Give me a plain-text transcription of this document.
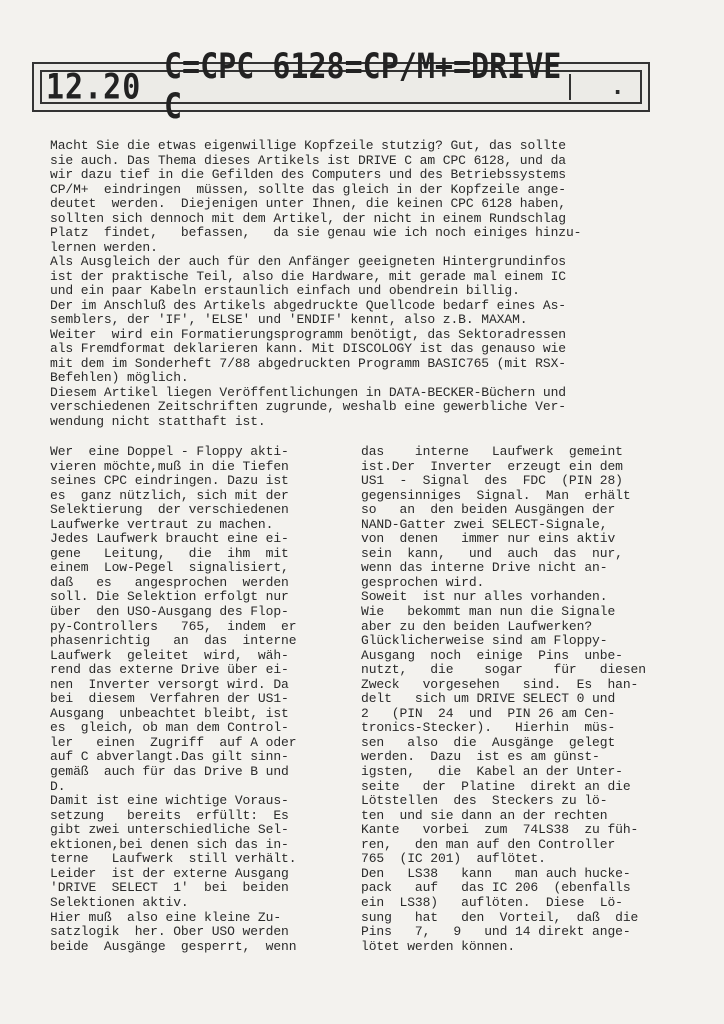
12.20 C=CPC 6128=CP/M+=DRIVE C	.
Macht Sie die etwas eigenwillige Kopfzeile stutzig? Gut, das sollte
sie auch. Das Thema dieses Artikels ist DRIVE C am CPC 6128, und da
wir dazu tief in die Gefilden des Computers und des Betriebssystems
CP/M+  eindringen  müssen, sollte das gleich in der Kopfzeile ange-
deutet  werden.  Diejenigen unter Ihnen, die keinen CPC 6128 haben,
sollten sich dennoch mit dem Artikel, der nicht in einem Rundschlag
Platz  findet,   befassen,   da sie genau wie ich noch einiges hinzu-
lernen werden.
Als Ausgleich der auch für den Anfänger geeigneten Hintergrundinfos
ist der praktische Teil, also die Hardware, mit gerade mal einem IC
und ein paar Kabeln erstaunlich einfach und obendrein billig.
Der im Anschluß des Artikels abgedruckte Quellcode bedarf eines As-
semblers, der 'IF', 'ELSE' und 'ENDIF' kennt, also z.B. MAXAM.
Weiter  wird ein Formatierungsprogramm benötigt, das Sektoradressen
als Fremdformat deklarieren kann. Mit DISCOLOGY ist das genauso wie
mit dem im Sonderheft 7/88 abgedruckten Programm BASIC765 (mit RSX-
Befehlen) möglich.
Diesem Artikel liegen Veröffentlichungen in DATA-BECKER-Büchern und
verschiedenen Zeitschriften zugrunde, weshalb eine gewerbliche Ver-
wendung nicht statthaft ist.
Wer  eine Doppel - Floppy akti-
vieren möchte,muß in die Tiefen
seines CPC eindringen. Dazu ist
es  ganz nützlich, sich mit der
Selektierung  der verschiedenen
Laufwerke vertraut zu machen.
Jedes Laufwerk braucht eine ei-
gene   Leitung,   die  ihm  mit
einem  Low-Pegel  signalisiert,
daß   es   angesprochen  werden
soll. Die Selektion erfolgt nur
über  den USO-Ausgang des Flop-
py-Controllers   765,  indem  er
phasenrichtig   an  das  interne
Laufwerk  geleitet  wird,  wäh-
rend das externe Drive über ei-
nen  Inverter versorgt wird. Da
bei  diesem  Verfahren der US1-
Ausgang  unbeachtet bleibt, ist
es  gleich, ob man dem Control-
ler   einen  Zugriff  auf A oder
auf C abverlangt.Das gilt sinn-
gemäß  auch für das Drive B und
D.
Damit ist eine wichtige Voraus-
setzung   bereits  erfüllt:  Es
gibt zwei unterschiedliche Sel-
ektionen,bei denen sich das in-
terne   Laufwerk  still verhält.
Leider  ist der externe Ausgang
'DRIVE  SELECT  1'  bei  beiden
Selektionen aktiv.
Hier muß  also eine kleine Zu-
satzlogik  her. Ober USO werden
beide  Ausgänge  gesperrt,  wenn
das    interne   Laufwerk  gemeint
ist.Der  Inverter  erzeugt ein dem
US1  -  Signal  des  FDC  (PIN 28)
gegensinniges  Signal.  Man  erhält
so   an  den beiden Ausgängen der
NAND-Gatter zwei SELECT-Signale,
von  denen   immer nur eins aktiv
sein  kann,   und  auch  das  nur,
wenn das interne Drive nicht an-
gesprochen wird.
Soweit  ist nur alles vorhanden.
Wie   bekommt man nun die Signale
aber zu den beiden Laufwerken?
Glücklicherweise sind am Floppy-
Ausgang  noch  einige  Pins  unbe-
nutzt,   die    sogar    für   diesen
Zweck   vorgesehen   sind.  Es  han-
delt   sich um DRIVE SELECT 0 und
2   (PIN  24  und  PIN 26 am Cen-
tronics-Stecker).   Hierhin  müs-
sen   also  die  Ausgänge  gelegt
werden.  Dazu  ist es am günst-
igsten,   die  Kabel an der Unter-
seite   der  Platine  direkt an die
Lötstellen  des  Steckers zu lö-
ten  und sie dann an der rechten
Kante   vorbei  zum  74LS38  zu füh-
ren,   den man auf den Controller
765  (IC 201)  auflötet.
Den   LS38   kann   man auch hucke-
pack   auf   das IC 206  (ebenfalls
ein  LS38)   auflöten.  Diese  Lö-
sung   hat   den  Vorteil,  daß  die
Pins   7,   9   und 14 direkt ange-
lötet werden können.
